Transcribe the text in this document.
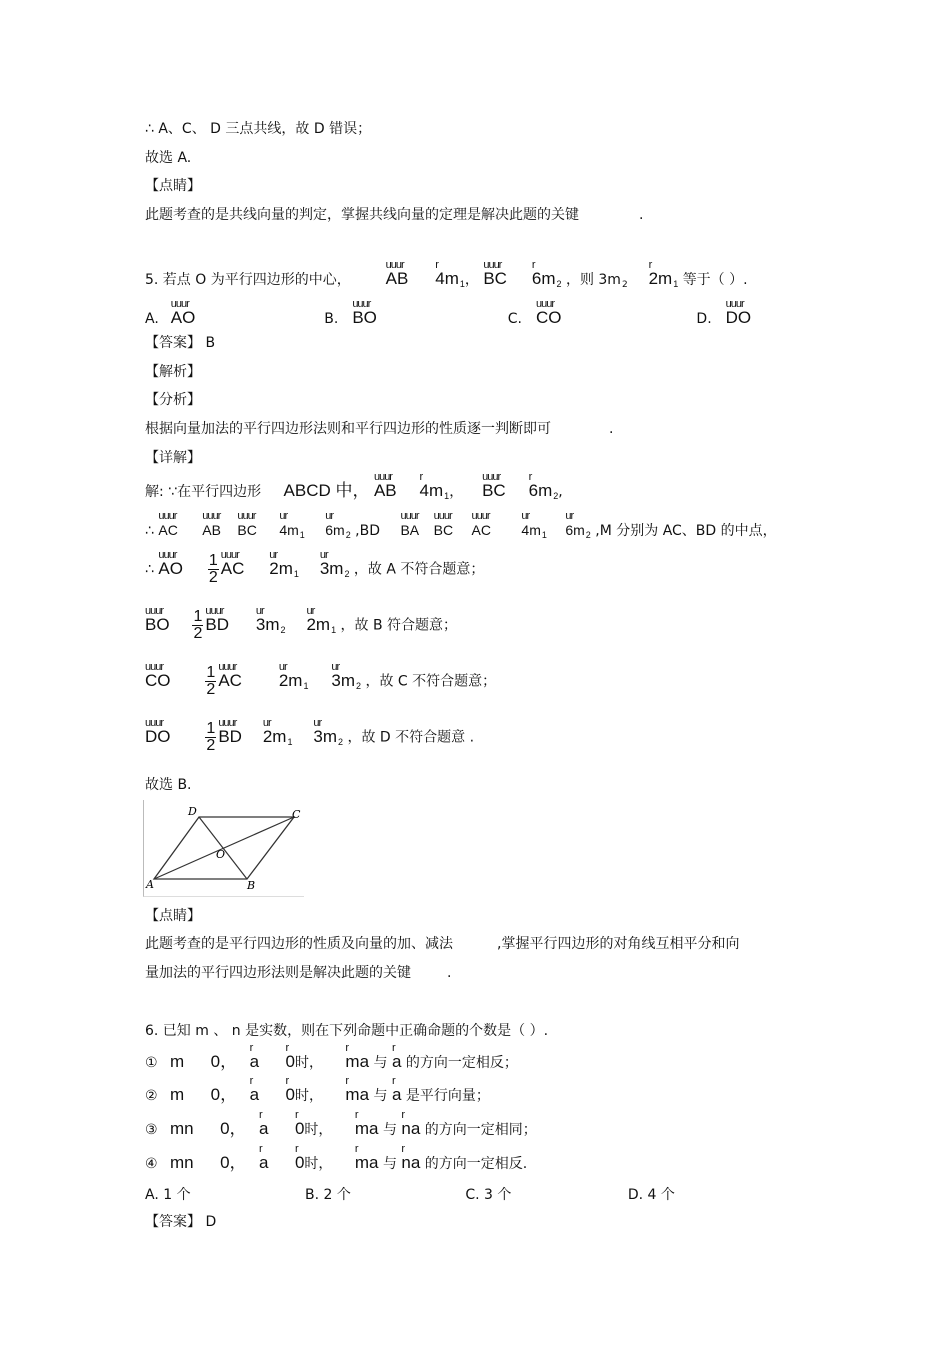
∴ A、C、 D 三点共线，故 D 错误；
故选 A.
【点睛】
此题考查的是共线向量的判定，掌握共线向量的定理是解决此题的关键	.
5. 若点 O 为平行四边形的中心， uuur AB r $4m_1$， uuur BC r $6m_2$ ，则 $3m_2$ r $2m_1$ 等于（ ）.
A. uuur AO	B. uuur BO	C. uuur CO	D. uuur DO
【答案】 B
【解析】
【分析】
根据向量加法的平行四边形法则和平行四边形的性质逐一判断即可	.
【详解】
解: ∵在平行四边形 ABCD 中， uuur AB r $4m_1$，  uuur BC r $6m_2$,
∴ uuur AC uuur AB uuur BC ur $4m_1$ ur $6m_2$ ,BD uuur BA uuur BC uuur AC ur $4m_1$ ur $6m_2$ ,M 分别为 AC、BD 的中点，
∴ uuur AO $\frac{1}{2}$ uuur AC ur $2m_1$ ur $3m_2$ ，故 A 不符合题意；
uuur BO $\frac{1}{2}$ uuur BD ur $3m_2$ ur $2m_1$ ，故 B 符合题意；
uuur CO $\frac{1}{2}$ uuur AC ur $2m_1$ ur $3m_2$ ，故 C 不符合题意；
uuur DO $\frac{1}{2}$ uuur BD ur $2m_1$ ur $3m_2$ ，故 D 不符合题意 .
故选 B.
D	C
O
A	B
【点睛】
此题考查的是平行四边形的性质及向量的加、减法	,掌握平行四边形的对角线互相平分和向
量加法的平行四边形法则是解决此题的关键	.
6. 已知 m 、 n 是实数，则在下列命题中正确命题的个数是（ ）.
① m 0， r a r 0时， r ma 与 r a 的方向一定相反；
② m 0， r a r 0时， r ma 与 r a 是平行向量；
③ mn 0， r a r 0时， r ma 与 r na 的方向一定相同；
④ mn 0， r a r 0时， r ma 与 r na 的方向一定相反.
A. 1 个	B. 2 个	C. 3 个	D. 4 个
【答案】 D
